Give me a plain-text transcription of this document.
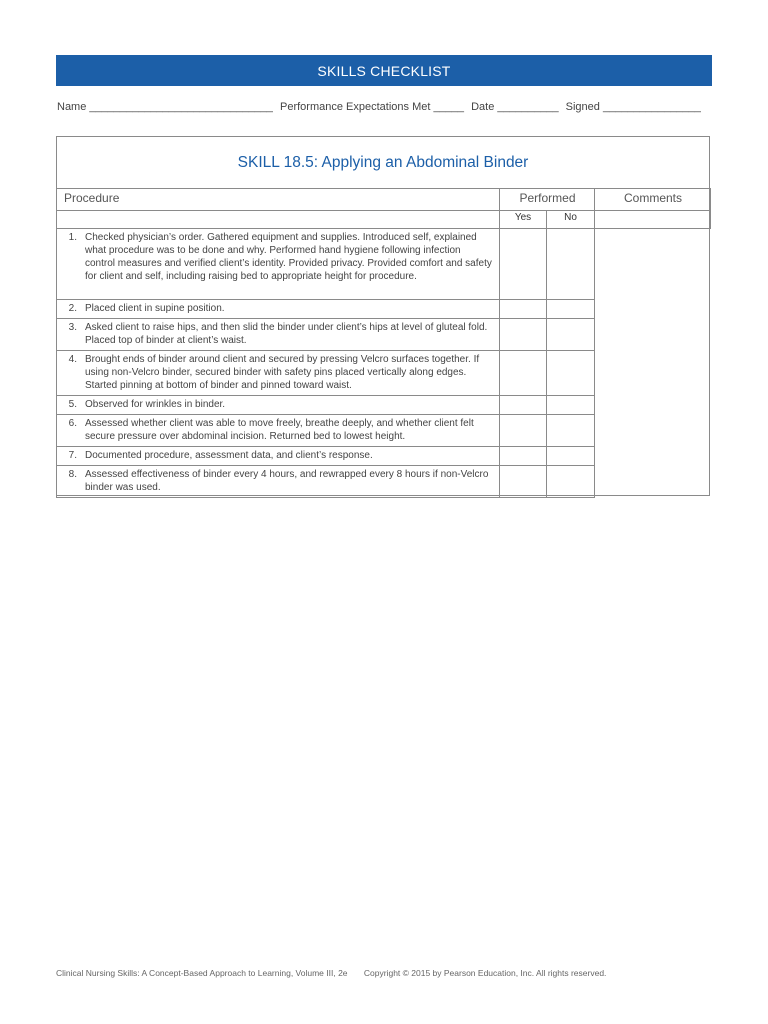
SKILLS CHECKLIST
Name ______________________________ Performance Expectations Met _____ Date __________ Signed ________________
SKILL 18.5: Applying an Abdominal Binder
Procedure	Performed		Comments
	Yes	No	

1. Checked physician’s order. Gathered equipment and supplies. Introduced self, explained what procedure was to be done and why. Performed hand hygiene following infection control measures and verified client’s identity. Provided privacy. Provided comfort and safety for client and self, including raising bed to appropriate height for procedure.			

2. Placed client in supine position.			

3. Asked client to raise hips, and then slid the binder under client’s hips at level of gluteal fold. Placed top of binder at client’s waist.			

4. Brought ends of binder around client and secured by pressing Velcro surfaces together. If using non-Velcro binder, secured binder with safety pins placed vertically along edges. Started pinning at bottom of binder and pinned toward waist.			

5. Observed for wrinkles in binder.			

6. Assessed whether client was able to move freely, breathe deeply, and whether client felt secure pressure over abdominal incision. Returned bed to lowest height.			

7. Documented procedure, assessment data, and client’s response.			

8. Assessed effectiveness of binder every 4 hours, and rewrapped every 8 hours if non-Velcro binder was used.			

Clinical Nursing Skills: A Concept-Based Approach to Learning, Volume III, 2e Copyright © 2015 by Pearson Education, Inc. All rights reserved.
